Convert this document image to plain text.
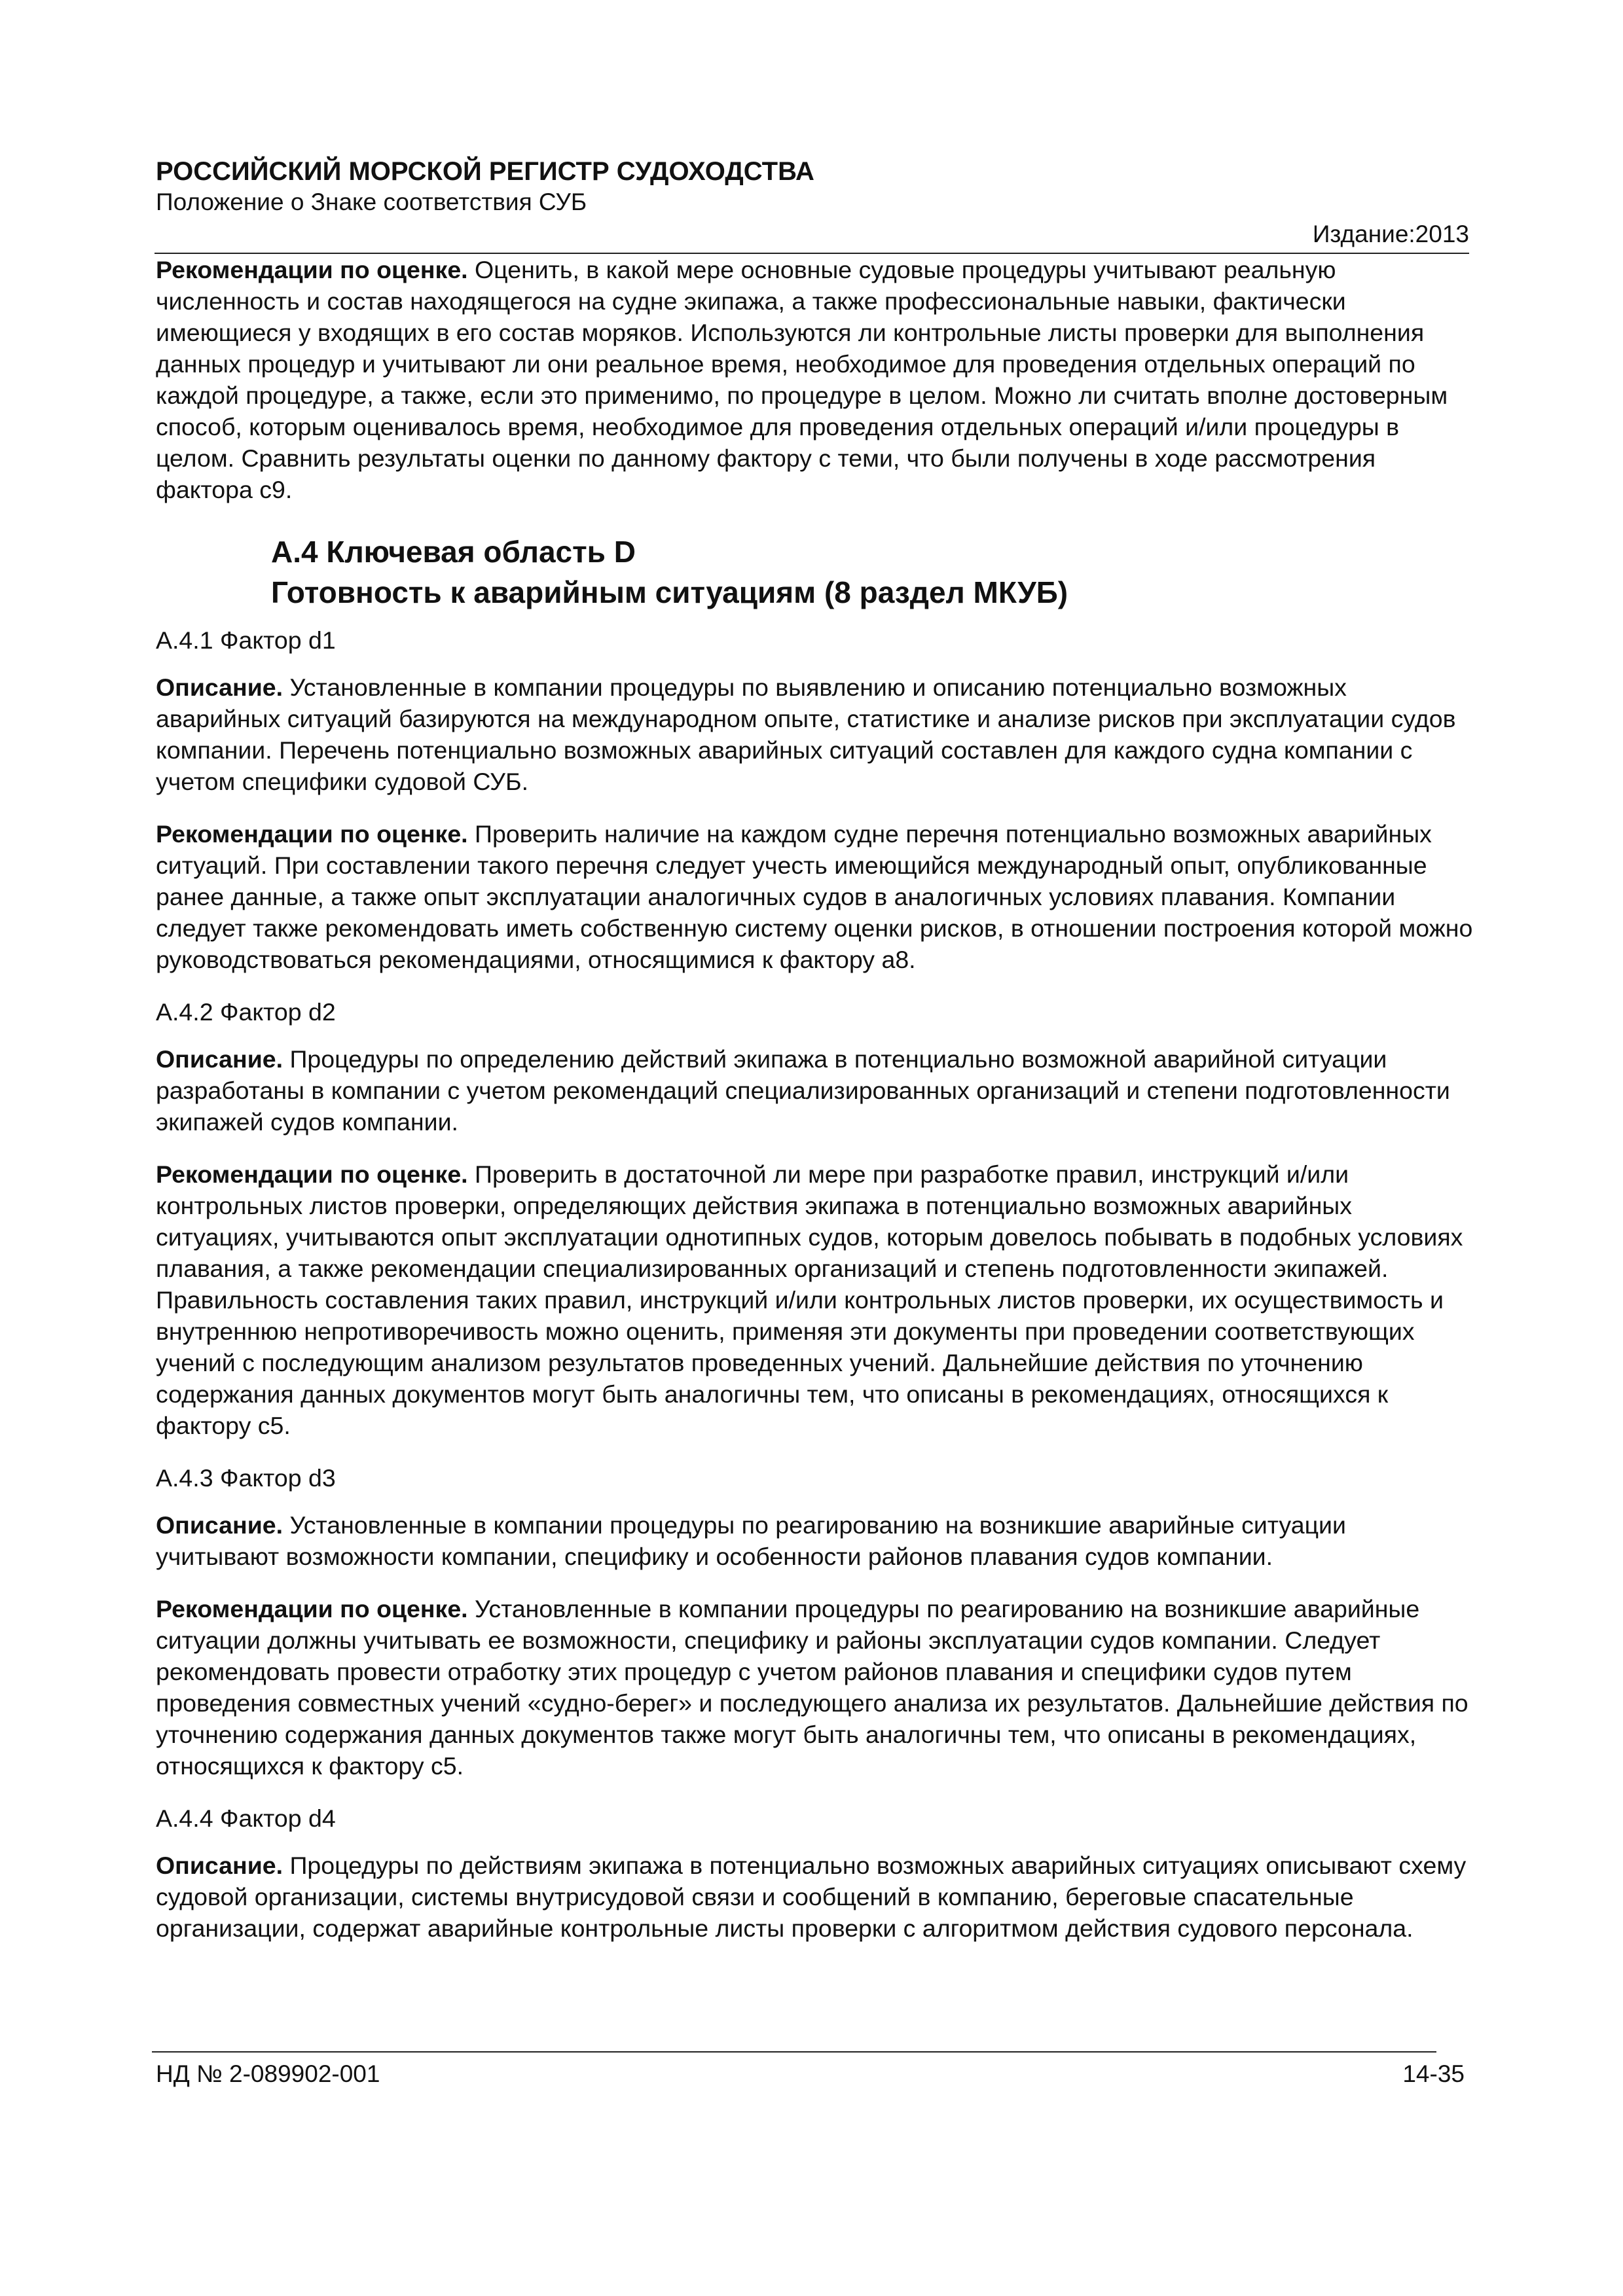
РОССИЙСКИЙ МОРСКОЙ РЕГИСТР СУДОХОДСТВА
Положение о Знаке соответствия СУБ
Издание:2013

Рекомендации по оценке. Оценить, в какой мере основные судовые процедуры учитывают реальную численность и состав находящегося на судне экипажа, а также профессиональные навыки, фактически имеющиеся у входящих в его состав моряков. Используются ли контрольные листы проверки для выполнения данных процедур и учитывают ли они реальное время, необходимое для проведения отдельных операций по каждой процедуре, а также, если это применимо, по процедуре в целом. Можно ли считать вполне достоверным способ, которым оценивалось время, необходимое для проведения отдельных операций и/или процедуры в целом. Сравнить результаты оценки по данному фактору с теми, что были получены в ходе рассмотрения фактора с9.

А.4 Ключевая область D
Готовность к аварийным ситуациям (8 раздел МКУБ)

А.4.1 Фактор d1

Описание. Установленные в компании процедуры по выявлению и описанию потенциально возможных аварийных ситуаций базируются на международном опыте, статистике и анализе рисков при эксплуатации судов компании. Перечень потенциально возможных аварийных ситуаций составлен для каждого судна компании с учетом специфики судовой СУБ.

Рекомендации по оценке. Проверить наличие на каждом судне перечня потенциально возможных аварийных ситуаций. При составлении такого перечня следует учесть имеющийся международный опыт, опубликованные ранее данные, а также опыт эксплуатации аналогичных судов в аналогичных условиях плавания. Компании следует также рекомендовать иметь собственную систему оценки рисков, в отношении построения которой можно руководствоваться рекомендациями, относящимися к фактору а8.

А.4.2 Фактор d2

Описание. Процедуры по определению действий экипажа в потенциально возможной аварийной ситуации разработаны в компании с учетом рекомендаций специализированных организаций и степени подготовленности экипажей судов компании.

Рекомендации по оценке. Проверить в достаточной ли мере при разработке правил, инструкций и/или контрольных листов проверки, определяющих действия экипажа в потенциально возможных аварийных ситуациях, учитываются опыт эксплуатации однотипных судов, которым довелось побывать в подобных условиях плавания, а также рекомендации специализированных организаций и степень подготовленности экипажей. Правильность составления таких правил, инструкций и/или контрольных листов проверки, их осуществимость и внутреннюю непротиворечивость можно оценить, применяя эти документы при проведении соответствующих учений с последующим анализом результатов проведенных учений. Дальнейшие действия по уточнению содержания данных документов могут быть аналогичны тем, что описаны в рекомендациях, относящихся к фактору с5.

А.4.3 Фактор d3

Описание. Установленные в компании процедуры по реагированию на возникшие аварийные ситуации учитывают возможности компании, специфику и особенности районов плавания судов компании.

Рекомендации по оценке. Установленные в компании процедуры по реагированию на возникшие аварийные ситуации должны учитывать ее возможности, специфику и районы эксплуатации судов компании. Следует рекомендовать провести отработку этих процедур с учетом районов плавания и специфики судов путем проведения совместных учений «судно-берег» и последующего анализа их результатов. Дальнейшие действия по уточнению содержания данных документов также могут быть аналогичны тем, что описаны в рекомендациях, относящихся к фактору с5.

А.4.4 Фактор d4

Описание. Процедуры по действиям экипажа в потенциально возможных аварийных ситуациях описывают схему судовой организации, системы внутрисудовой связи и сообщений в компанию, береговые спасательные организации, содержат аварийные контрольные листы проверки с алгоритмом действия судового персонала.

НД № 2-089902-001	14-35
